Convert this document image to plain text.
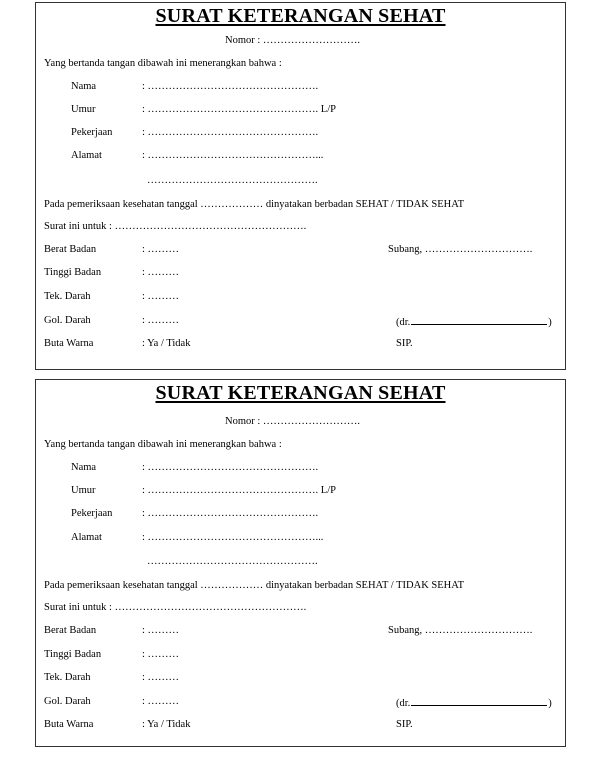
SURAT KETERANGAN SEHAT
Nomor : ……………………….
Yang bertanda tangan dibawah ini menerangkan bahwa :
Nama	: ………………………………………….
Umur	: …………………………………………. L/P
Pekerjaan	: ………………………………………….
Alamat	: …………………………………………...
………………………………………….
Pada pemeriksaan kesehatan tanggal ……………… dinyatakan berbadan SEHAT / TIDAK SEHAT
Surat ini untuk : ……………………………………………….
Berat Badan	: ………	Subang, ………………………….
Tinggi Badan	: ………
Tek. Darah	: ………
Gol. Darah	: ………	(dr.	)
Buta Warna	: Ya / Tidak	SIP.
SURAT KETERANGAN SEHAT
Nomor : ……………………….
Yang bertanda tangan dibawah ini menerangkan bahwa :
Nama	: ………………………………………….
Umur	: …………………………………………. L/P
Pekerjaan	: ………………………………………….
Alamat	: …………………………………………...
………………………………………….
Pada pemeriksaan kesehatan tanggal ……………… dinyatakan berbadan SEHAT / TIDAK SEHAT
Surat ini untuk : ……………………………………………….
Berat Badan	: ………	Subang, ………………………….
Tinggi Badan	: ………
Tek. Darah	: ………
Gol. Darah	: ………	(dr.	)
Buta Warna	: Ya / Tidak	SIP.
